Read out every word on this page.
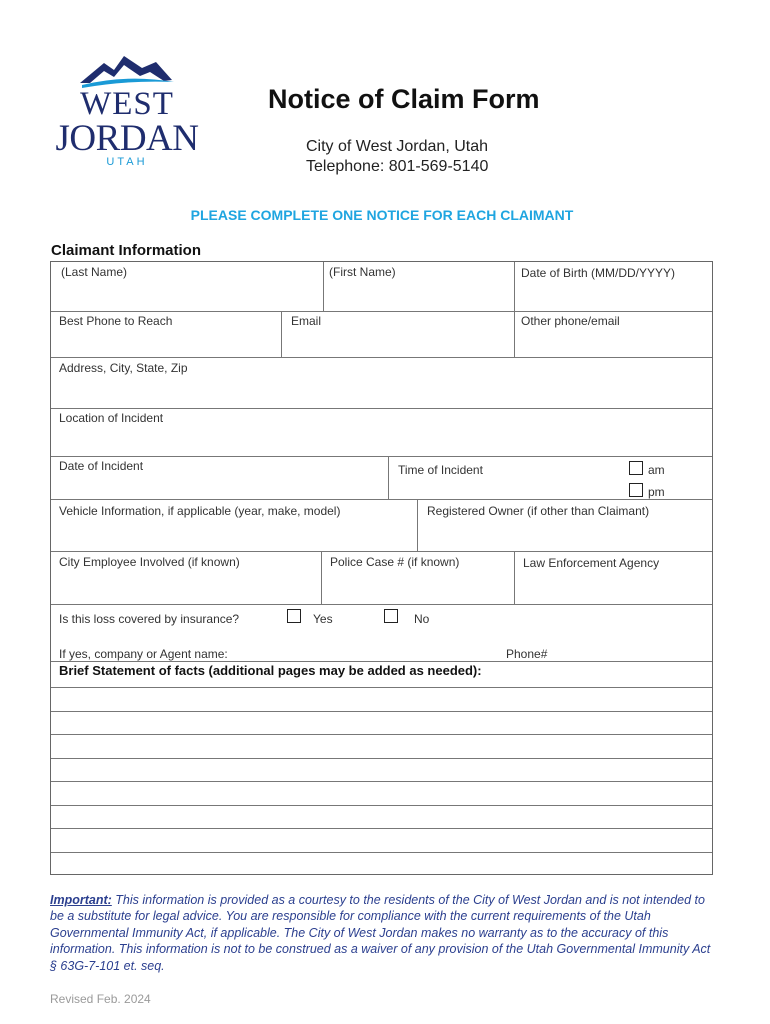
WEST
JORDAN
UTAH
Notice of Claim Form
City of West Jordan, Utah
Telephone: 801-569-5140
PLEASE COMPLETE ONE NOTICE FOR EACH CLAIMANT
Claimant Information
(Last Name)	(First Name)	Date of Birth (MM/DD/YYYY)
Best Phone to Reach	Email	Other phone/email
Address, City, State, Zip
Location of Incident
Date of Incident	Time of Incident	am
pm
Vehicle Information, if applicable (year, make, model)	Registered Owner (if other than Claimant)
City Employee Involved (if known)	Police Case # (if known)	Law Enforcement Agency
Is this loss covered by insurance?	Yes	No
If yes, company or Agent name:	Phone#
Brief Statement of facts (additional pages may be added as needed):
Important: This information is provided as a courtesy to the residents of the City of West Jordan and is not intended to be a substitute for legal advice. You are responsible for compliance with the current requirements of the Utah Governmental Immunity Act, if applicable. The City of West Jordan makes no warranty as to the accuracy of this information. This information is not to be construed as a waiver of any provision of the Utah Governmental Immunity Act § 63G-7-101 et. seq.
Revised Feb. 2024
